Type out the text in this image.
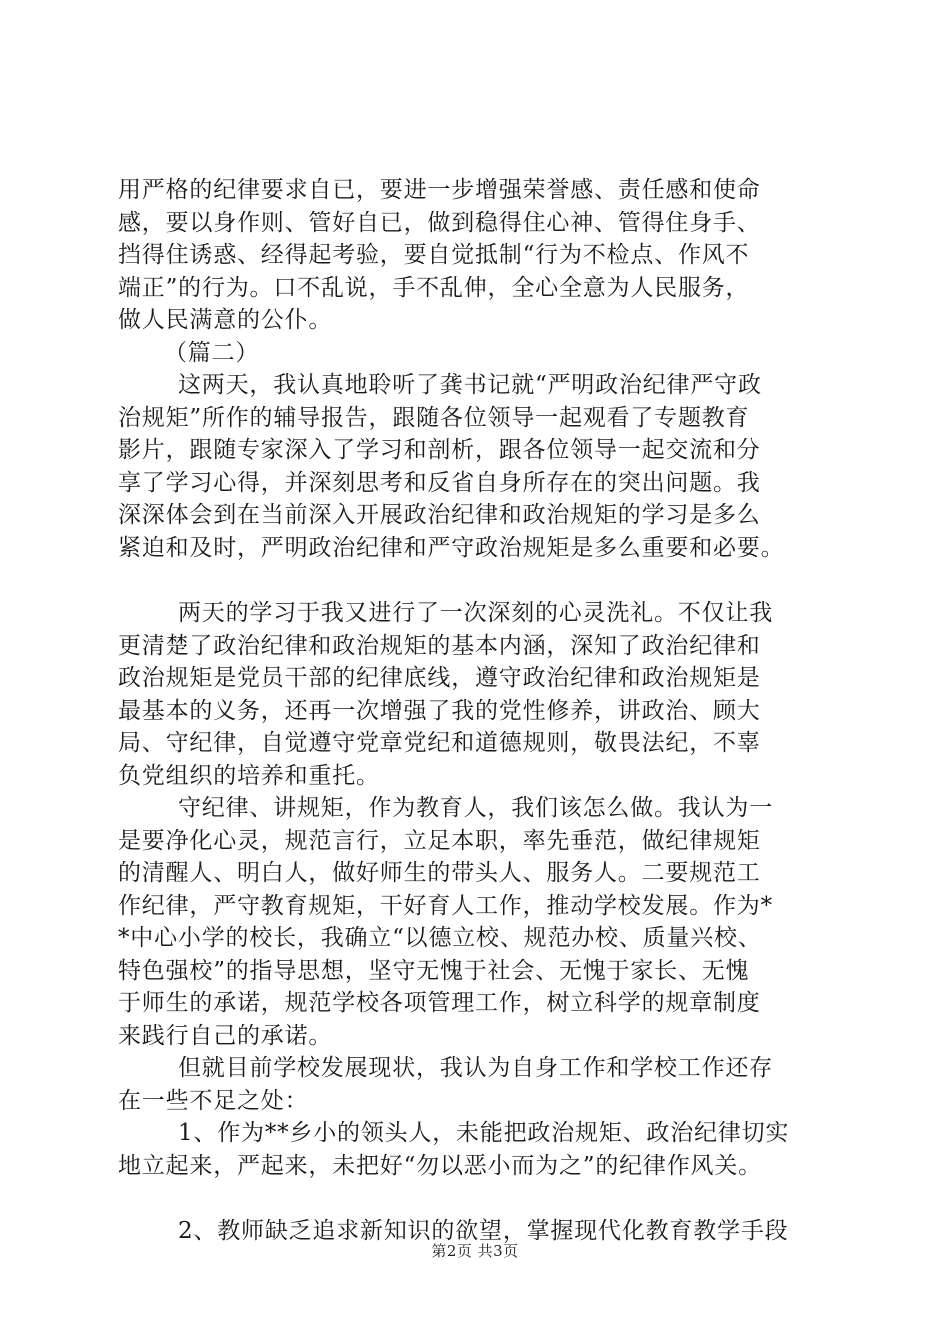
用严格的纪律要求自已，要进一步增强荣誉感、责任感和使命
感，要以身作则、管好自已，做到稳得住心神、管得住身手、
挡得住诱惑、经得起考验，要自觉抵制“行为不检点、作风不
端正”的行为。口不乱说，手不乱伸，全心全意为人民服务，
做人民满意的公仆。
（篇二）
这两天，我认真地聆听了龚书记就“严明政治纪律严守政
治规矩”所作的辅导报告，跟随各位领导一起观看了专题教育
影片，跟随专家深入了学习和剖析，跟各位领导一起交流和分
享了学习心得，并深刻思考和反省自身所存在的突出问题。我
深深体会到在当前深入开展政治纪律和政治规矩的学习是多么
紧迫和及时，严明政治纪律和严守政治规矩是多么重要和必要。
两天的学习于我又进行了一次深刻的心灵洗礼。不仅让我
更清楚了政治纪律和政治规矩的基本内涵，深知了政治纪律和
政治规矩是党员干部的纪律底线，遵守政治纪律和政治规矩是
最基本的义务，还再一次增强了我的党性修养，讲政治、顾大
局、守纪律，自觉遵守党章党纪和道德规则，敬畏法纪，不辜
负党组织的培养和重托。
守纪律、讲规矩，作为教育人，我们该怎么做。我认为一
是要净化心灵，规范言行，立足本职，率先垂范，做纪律规矩
的清醒人、明白人，做好师生的带头人、服务人。二要规范工
作纪律，严守教育规矩，干好育人工作，推动学校发展。作为*
*中心小学的校长，我确立“以德立校、规范办校、质量兴校、
特色强校”的指导思想，坚守无愧于社会、无愧于家长、无愧
于师生的承诺，规范学校各项管理工作，树立科学的规章制度
来践行自己的承诺。
但就目前学校发展现状，我认为自身工作和学校工作还存
在一些不足之处：
1、作为**乡小的领头人，未能把政治规矩、政治纪律切实
地立起来，严起来，未把好“勿以恶小而为之”的纪律作风关。
2、教师缺乏追求新知识的欲望，掌握现代化教育教学手段
第2页 共3页
